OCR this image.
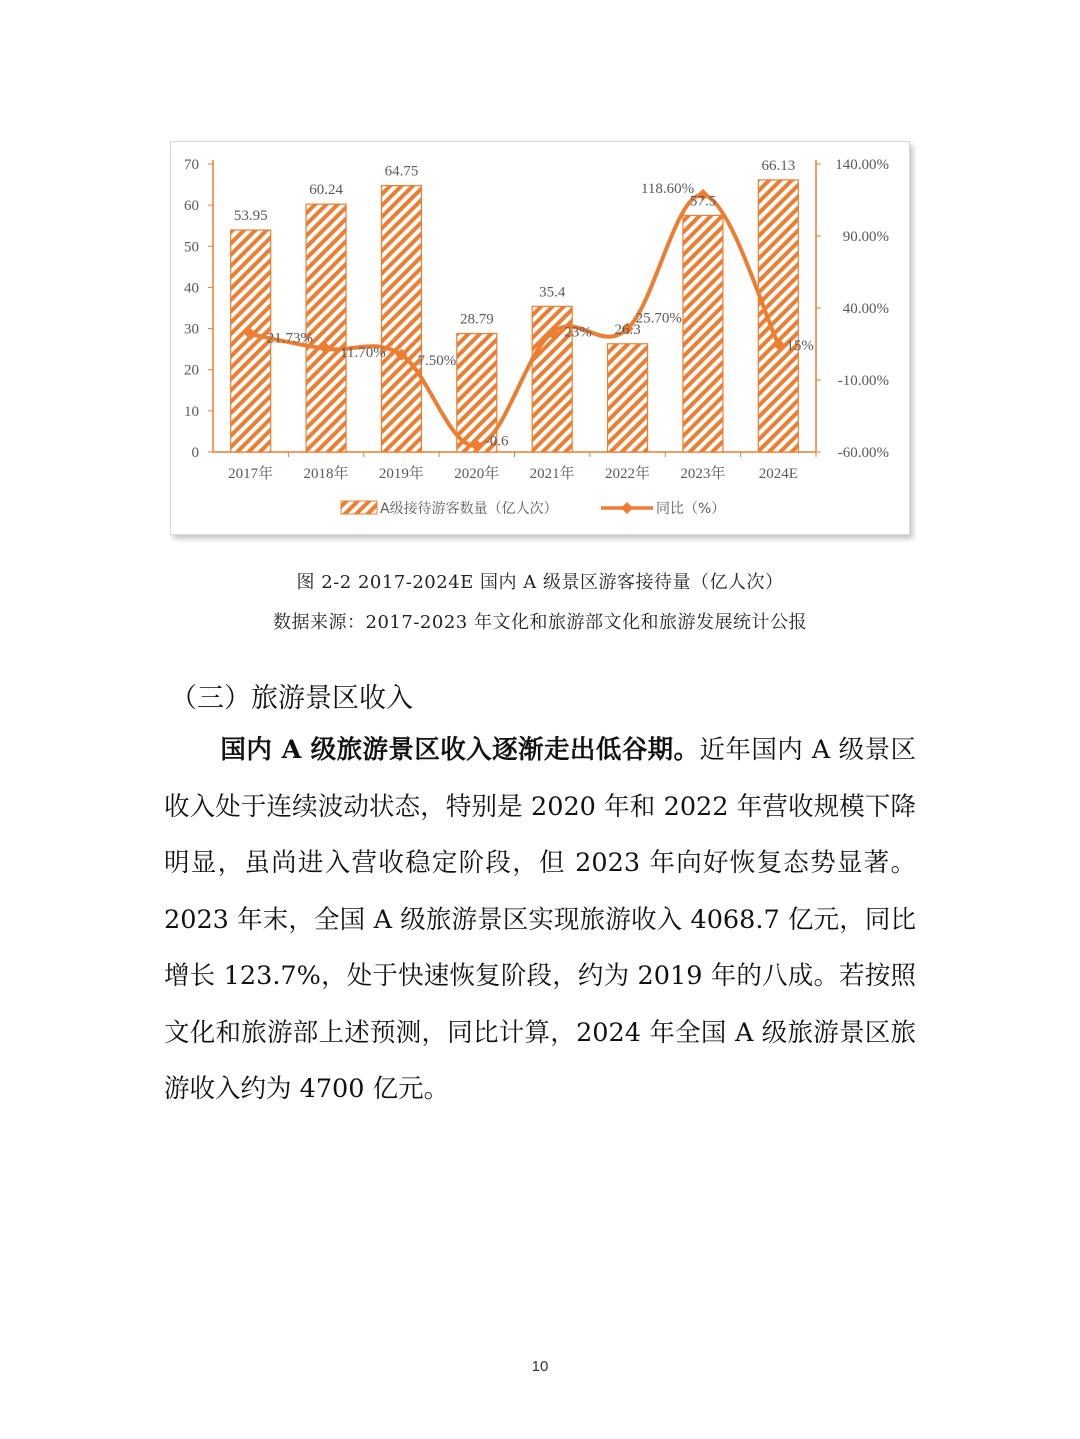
0
10
20
30
40
50
60
70
-60.00%
-10.00%
40.00%
90.00%
140.00%
2017年 2018年 2019年 2020年 2021年 2022年 2023年 2024E
53.95
60.24
64.75
28.79
35.4
26.3
57.5
66.13
21.73%
11.70%
7.50%
-0.6
23%
25.70%
118.60%
15%
A级接待游客数量（亿人次）	同比（%）
图 2-2 2017-2024E 国内 A 级景区游客接待量（亿人次）
数据来源：2017-2023 年文化和旅游部文化和旅游发展统计公报
（三）旅游景区收入
国内 A 级旅游景区收入逐渐走出低谷期。近年国内 A 级景区收入处于连续波动状态，特别是 2020 年和 2022 年营收规模下降明显，虽尚进入营收稳定阶段，但 2023 年向好恢复态势显著。2023 年末，全国 A 级旅游景区实现旅游收入 4068.7 亿元，同比增长 123.7%，处于快速恢复阶段，约为 2019 年的八成。若按照文化和旅游部上述预测，同比计算，2024 年全国 A 级旅游景区旅游收入约为 4700 亿元。
10
